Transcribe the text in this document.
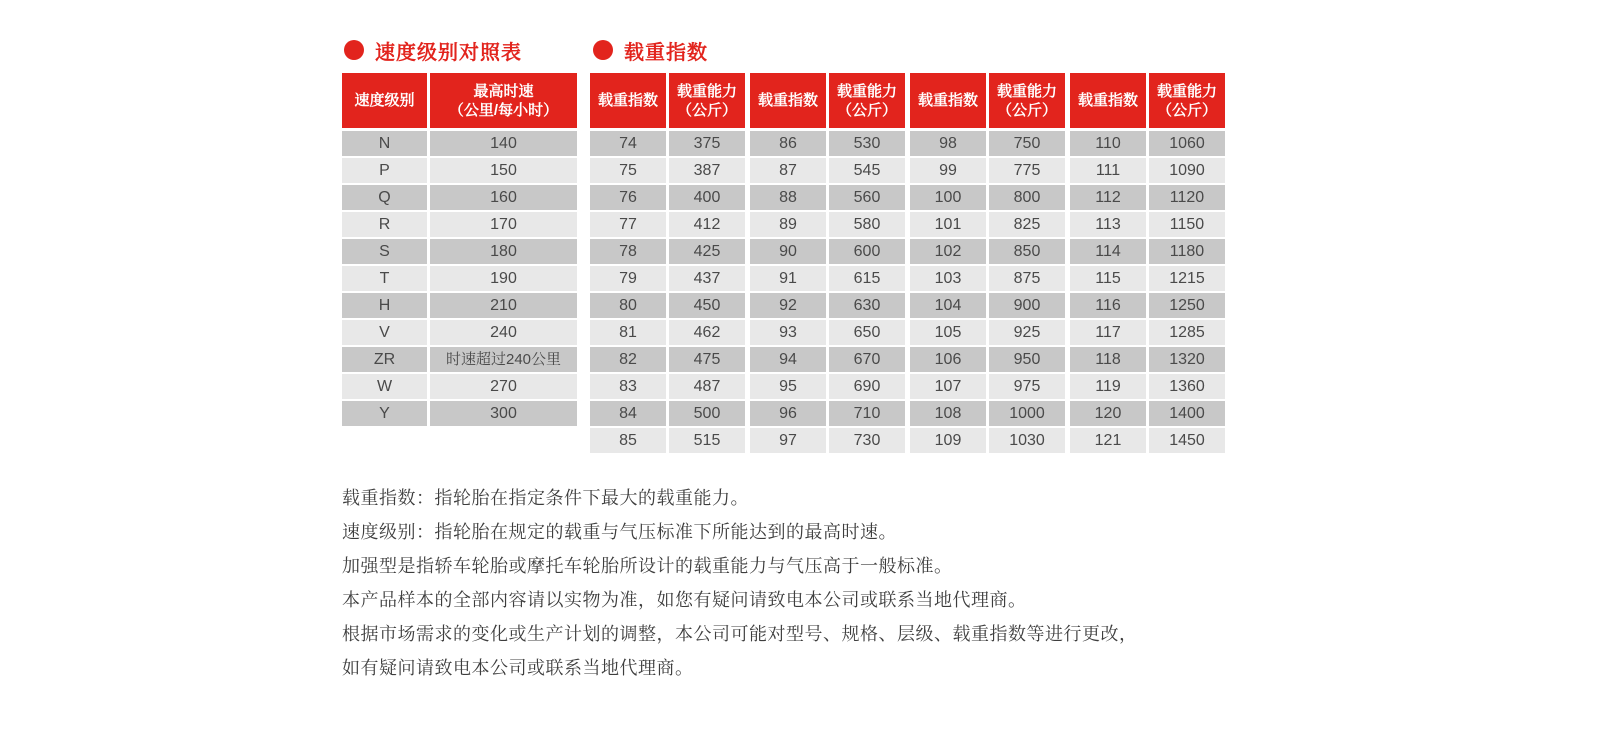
速度级别对照表
速度级别
最高时速
（公里/每小时）
N	140
P	150
Q	160
R	170
S	180
T	190
H	210
V	240
ZR	时速超过240公里
W	270
Y	300
载重指数
载重指数
载重能力
（公斤）
74	375
75	387
76	400
77	412
78	425
79	437
80	450
81	462
82	475
83	487
84	500
85	515
载重指数
载重能力
（公斤）
86	530
87	545
88	560
89	580
90	600
91	615
92	630
93	650
94	670
95	690
96	710
97	730
载重指数
载重能力
（公斤）
98	750
99	775
100	800
101	825
102	850
103	875
104	900
105	925
106	950
107	975
108	1000
109	1030
载重指数
载重能力
（公斤）
110	1060
111	1090
112	1120
113	1150
114	1180
115	1215
116	1250
117	1285
118	1320
119	1360
120	1400
121	1450
载重指数：指轮胎在指定条件下最大的载重能力。
速度级别：指轮胎在规定的载重与气压标准下所能达到的最高时速。
加强型是指轿车轮胎或摩托车轮胎所设计的载重能力与气压高于一般标准。
本产品样本的全部内容请以实物为准，如您有疑问请致电本公司或联系当地代理商。
根据市场需求的变化或生产计划的调整，本公司可能对型号、规格、层级、载重指数等进行更改，
如有疑问请致电本公司或联系当地代理商。
